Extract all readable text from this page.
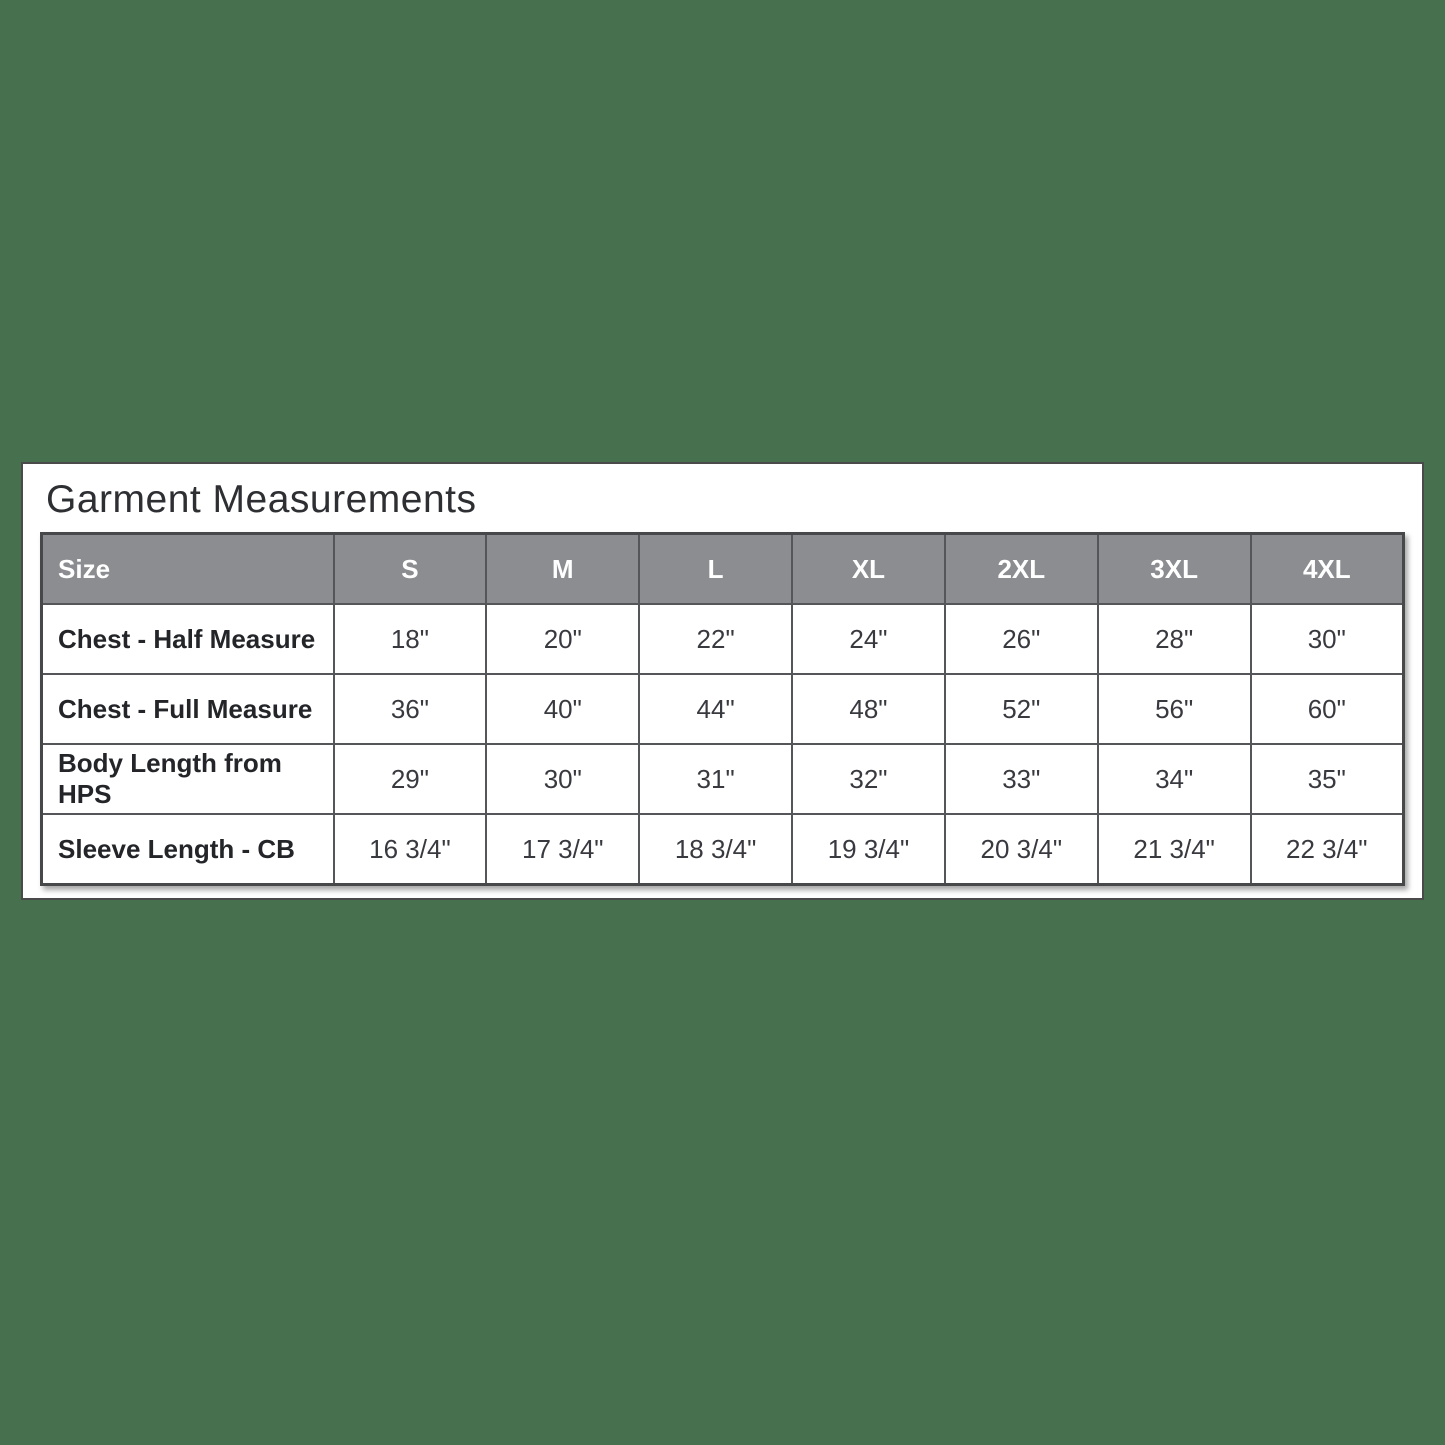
Garment Measurements
Size	S	M	L	XL	2XL	3XL	4XL
Chest - Half Measure	18"	20"	22"	24"	26"	28"	30"
Chest - Full Measure	36"	40"	44"	48"	52"	56"	60"
Body Length from HPS	29"	30"	31"	32"	33"	34"	35"
Sleeve Length - CB	16 3/4"	17 3/4"	18 3/4"	19 3/4"	20 3/4"	21 3/4"	22 3/4"
